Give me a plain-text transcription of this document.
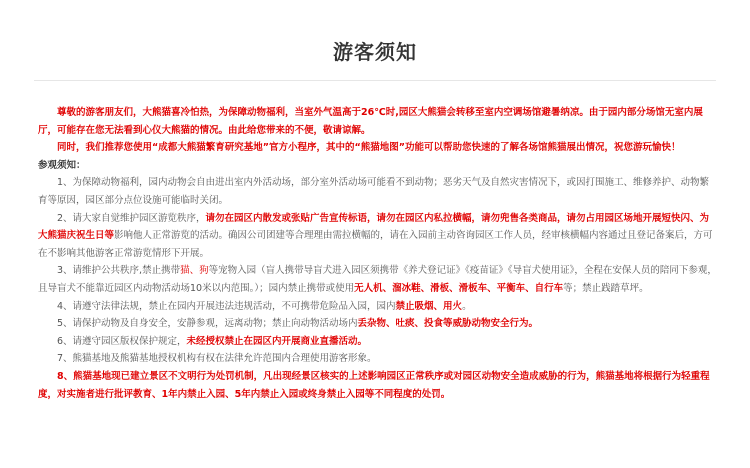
游客须知

尊敬的游客朋友们，大熊猫喜冷怕热，为保障动物福利，当室外气温高于26℃时,园区大熊猫会转移至室内空调场馆避暑纳凉。由于园内部分场馆无室内展厅，可能存在您无法看到心仪大熊猫的情况。由此给您带来的不便，敬请谅解。

同时，我们推荐您使用“成都大熊猫繁育研究基地”官方小程序，其中的“熊猫地图”功能可以帮助您快速的了解各场馆熊猫展出情况，祝您游玩愉快！

参观须知：

1、为保障动物福利，园内动物会自由进出室内外活动场，部分室外活动场可能看不到动物；恶劣天气及自然灾害情况下，或因打围施工、维修养护、动物繁育等原因，园区部分点位设施可能临时关闭。

2、请大家自觉维护园区游览秩序，请勿在园区内散发或张贴广告宣传标语，请勿在园区内私拉横幅，请勿兜售各类商品，请勿占用园区场地开展短快闪、为大熊猫庆祝生日等影响他人正常游览的活动。确因公司团建等合理理由需拉横幅的，请在入园前主动咨询园区工作人员，经审核横幅内容通过且登记备案后，方可在不影响其他游客正常游览情形下开展。

3、请维护公共秩序,禁止携带猫、狗等宠物入园（盲人携带导盲犬进入园区须携带《养犬登记证》《疫苗证》《导盲犬使用证》，全程在安保人员的陪同下参观，且导盲犬不能靠近园区内动物活动场10米以内范围。）；园内禁止携带或使用无人机、溜冰鞋、滑板、滑板车、平衡车、自行车等；禁止践踏草坪。

4、请遵守法律法规，禁止在园内开展违法违规活动，不可携带危险品入园，园内禁止吸烟、用火。

5、请保护动物及自身安全，安静参观，远离动物；禁止向动物活动场内丢杂物、吐痰、投食等威胁动物安全行为。

6、请遵守园区版权保护规定，未经授权禁止在园区内开展商业直播活动。

7、熊猫基地及熊猫基地授权机构有权在法律允许范围内合理使用游客形象。

8、熊猫基地现已建立景区不文明行为处罚机制，凡出现经景区核实的上述影响园区正常秩序或对园区动物安全造成威胁的行为，熊猫基地将根据行为轻重程度，对实施者进行批评教育、1年内禁止入园、5年内禁止入园或终身禁止入园等不同程度的处罚。
